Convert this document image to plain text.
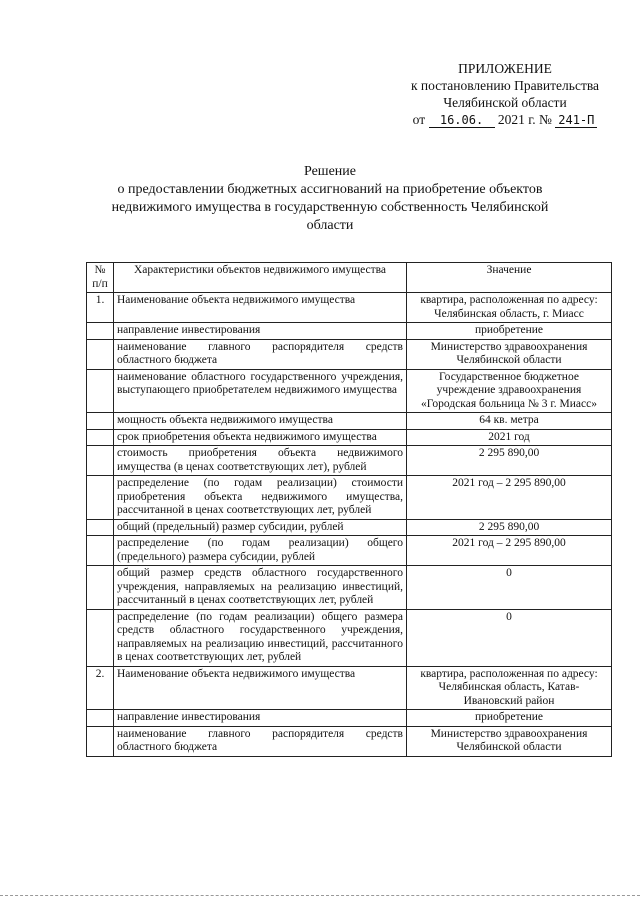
ПРИЛОЖЕНИЕ
к постановлению Правительства
Челябинской области
от 16.06. 2021 г. № 241-П
Решение
о предоставлении бюджетных ассигнований на приобретение объектов
недвижимого имущества в государственную собственность Челябинской
области
№ п/п	Характеристики объектов недвижимого имущества	Значение
1.	Наименование объекта недвижимого имущества	квартира, расположенная по адресу: Челябинская область, г. Миасс
	направление инвестирования	приобретение
	наименование главного распорядителя средств областного бюджета	Министерство здравоохранения Челябинской области
	наименование областного государственного учреждения, выступающего приобретателем недвижимого имущества	Государственное бюджетное учреждение здравоохранения «Городская больница № 3 г. Миасс»
	мощность объекта недвижимого имущества	64 кв. метра
	срок приобретения объекта недвижимого имущества	2021 год
	стоимость приобретения объекта недвижимого имущества (в ценах соответствующих лет), рублей	2 295 890,00
	распределение (по годам реализации) стоимости приобретения объекта недвижимого имущества, рассчитанной в ценах соответствующих лет, рублей	2021 год – 2 295 890,00
	общий (предельный) размер субсидии, рублей	2 295 890,00
	распределение (по годам реализации) общего (предельного) размера субсидии, рублей	2021 год – 2 295 890,00
	общий размер средств областного государственного учреждения, направляемых на реализацию инвестиций, рассчитанный в ценах соответствующих лет, рублей	0
	распределение (по годам реализации) общего размера средств областного государственного учреждения, направляемых на реализацию инвестиций, рассчитанного в ценах соответствующих лет, рублей	0
2.	Наименование объекта недвижимого имущества	квартира, расположенная по адресу: Челябинская область, Катав-Ивановский район
	направление инвестирования	приобретение
	наименование главного распорядителя средств областного бюджета	Министерство здравоохранения Челябинской области
